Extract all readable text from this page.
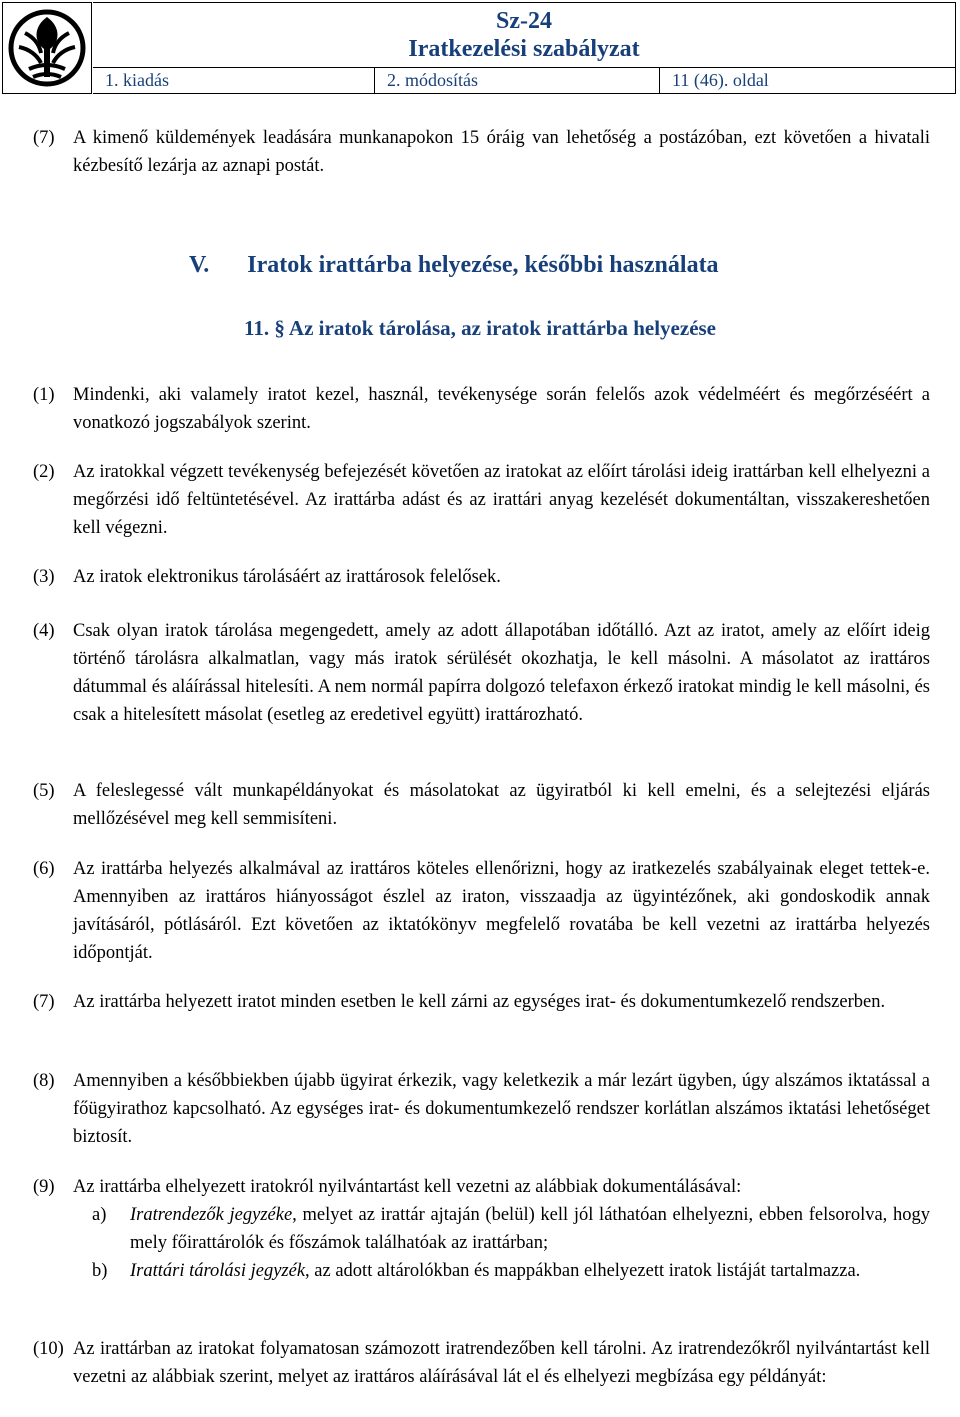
Sz-24
Iratkezelési szabályzat
1. kiadás	2. módosítás	11 (46). oldal
(7) A kimenő küldemények leadására munkanapokon 15 óráig van lehetőség a postázóban, ezt követően a hivatali kézbesítő lezárja az aznapi postát.
V. Iratok irattárba helyezése, későbbi használata
11. § Az iratok tárolása, az iratok irattárba helyezése
(1) Mindenki, aki valamely iratot kezel, használ, tevékenysége során felelős azok védelméért és megőrzéséért a vonatkozó jogszabályok szerint.
(2) Az iratokkal végzett tevékenység befejezését követően az iratokat az előírt tárolási ideig irattárban kell elhelyezni a megőrzési idő feltüntetésével. Az irattárba adást és az irattári anyag kezelését dokumentáltan, visszakereshetően kell végezni.
(3) Az iratok elektronikus tárolásáért az irattárosok felelősek.
(4) Csak olyan iratok tárolása megengedett, amely az adott állapotában időtálló. Azt az iratot, amely az előírt ideig történő tárolásra alkalmatlan, vagy más iratok sérülését okozhatja, le kell másolni. A másolatot az irattáros dátummal és aláírással hitelesíti. A nem normál papírra dolgozó telefaxon érkező iratokat mindig le kell másolni, és csak a hitelesített másolat (esetleg az eredetivel együtt) irattározható.
(5) A feleslegessé vált munkapéldányokat és másolatokat az ügyiratból ki kell emelni, és a selejtezési eljárás mellőzésével meg kell semmisíteni.
(6) Az irattárba helyezés alkalmával az irattáros köteles ellenőrizni, hogy az iratkezelés szabályainak eleget tettek-e. Amennyiben az irattáros hiányosságot észlel az iraton, visszaadja az ügyintézőnek, aki gondoskodik annak javításáról, pótlásáról. Ezt követően az iktatókönyv megfelelő rovatába be kell vezetni az irattárba helyezés időpontját.
(7) Az irattárba helyezett iratot minden esetben le kell zárni az egységes irat- és dokumentumkezelő rendszerben.
(8) Amennyiben a későbbiekben újabb ügyirat érkezik, vagy keletkezik a már lezárt ügyben, úgy alszámos iktatással a főügyirathoz kapcsolható. Az egységes irat- és dokumentumkezelő rendszer korlátlan alszámos iktatási lehetőséget biztosít.
(9) Az irattárba elhelyezett iratokról nyilvántartást kell vezetni az alábbiak dokumentálásával:
a) Iratrendezők jegyzéke, melyet az irattár ajtaján (belül) kell jól láthatóan elhelyezni, ebben felsorolva, hogy mely főirattárolók és főszámok találhatóak az irattárban;
b) Irattári tárolási jegyzék, az adott altárolókban és mappákban elhelyezett iratok listáját tartalmazza.
(10) Az irattárban az iratokat folyamatosan számozott iratrendezőben kell tárolni. Az iratrendezőkről nyilvántartást kell vezetni az alábbiak szerint, melyet az irattáros aláírásával lát el és elhelyezi megbízása egy példányát:
